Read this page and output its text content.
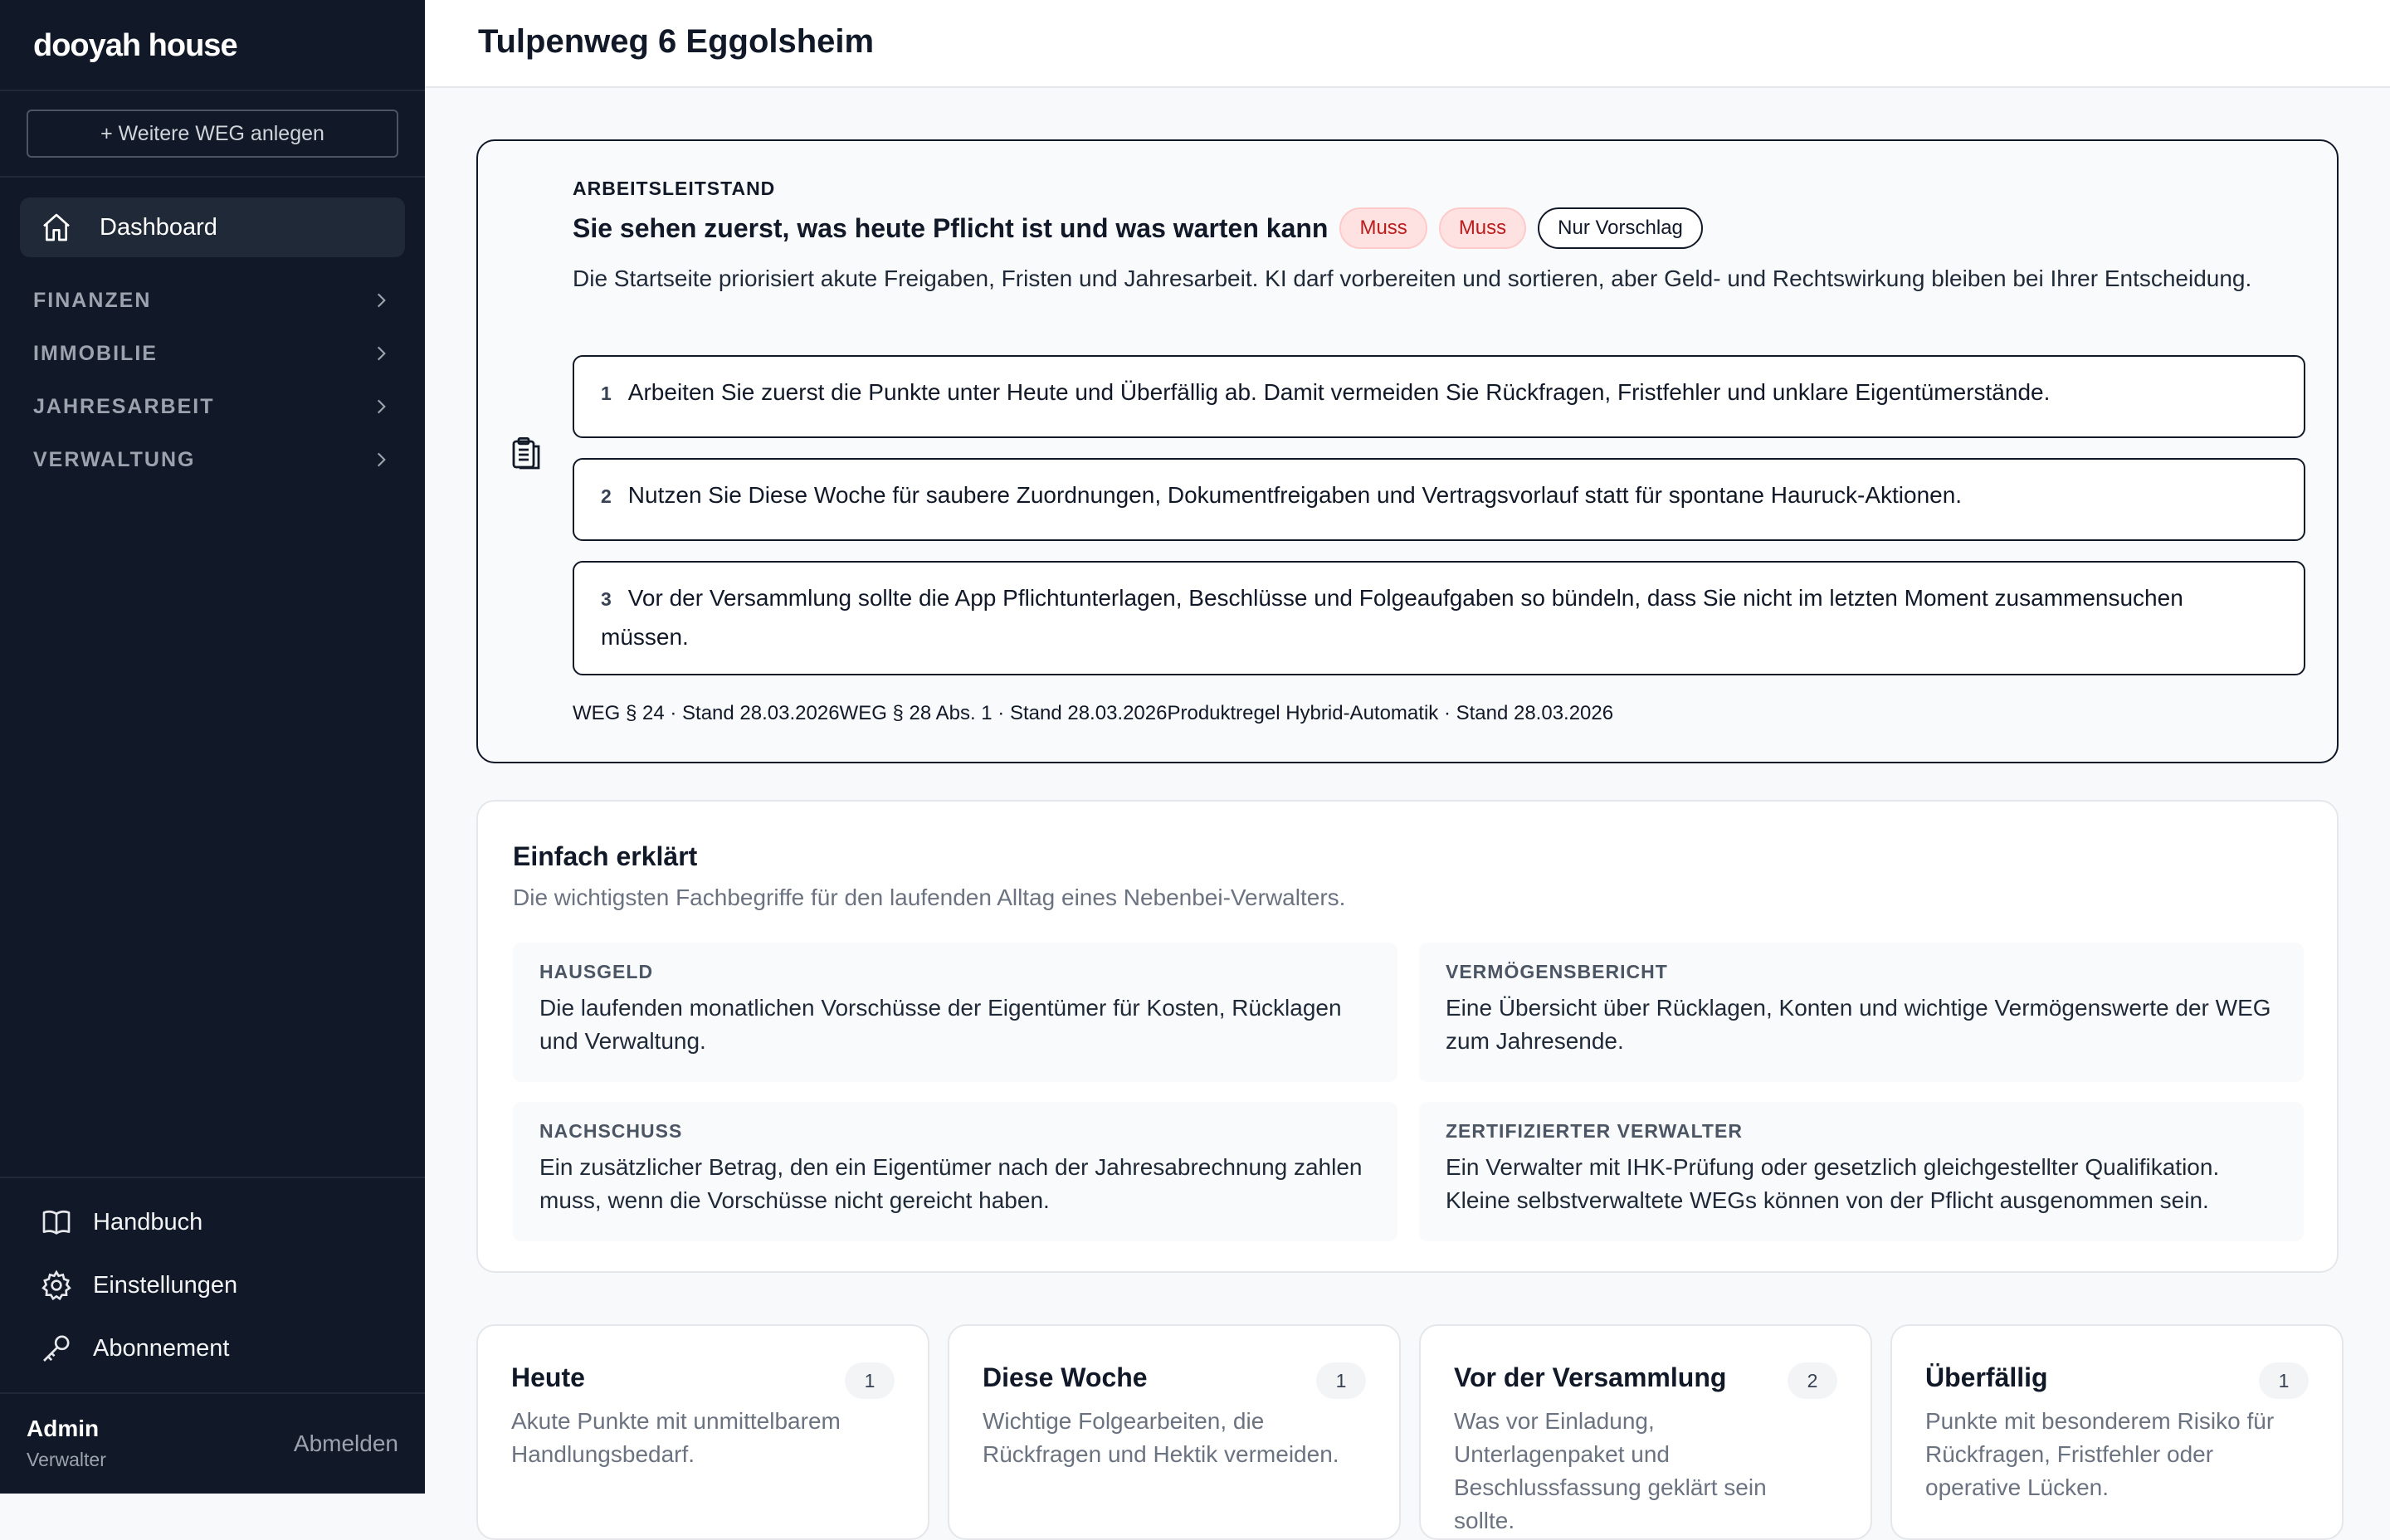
dooyah house
+ Weitere WEG anlegen
Dashboard
FINANZEN
IMMOBILIE
JAHRESARBEIT
VERWALTUNG
Handbuch
Einstellungen
Abonnement
Admin
Verwalter
Abmelden
Tulpenweg 6 Eggolsheim
ARBEITSLEITSTAND
Sie sehen zuerst, was heute Pflicht ist und was warten kann	Muss	Muss	Nur Vorschlag

Die Startseite priorisiert akute Freigaben, Fristen und Jahresarbeit. KI darf vorbereiten und sortieren, aber Geld- und Rechtswirkung bleiben bei Ihrer Entscheidung.

1 Arbeiten Sie zuerst die Punkte unter Heute und Überfällig ab. Damit vermeiden Sie Rückfragen, Fristfehler und unklare Eigentümerstände.
2 Nutzen Sie Diese Woche für saubere Zuordnungen, Dokumentfreigaben und Vertragsvorlauf statt für spontane Hauruck-Aktionen.
3 Vor der Versammlung sollte die App Pflichtunterlagen, Beschlüsse und Folgeaufgaben so bündeln, dass Sie nicht im letzten Moment zusammensuchen müssen.
WEG § 24 · Stand 28.03.2026 WEG § 28 Abs. 1 · Stand 28.03.2026 Produktregel Hybrid-Automatik · Stand 28.03.2026
Einfach erklärt

Die wichtigsten Fachbegriffe für den laufenden Alltag eines Nebenbei-Verwalters.

HAUSGELD
Die laufenden monatlichen Vorschüsse der Eigentümer für Kosten, Rücklagen und Verwaltung.
VERMÖGENSBERICHT
Eine Übersicht über Rücklagen, Konten und wichtige Vermögenswerte der WEG zum Jahresende.
NACHSCHUSS
Ein zusätzlicher Betrag, den ein Eigentümer nach der Jahresabrechnung zahlen muss, wenn die Vorschüsse nicht gereicht haben.
ZERTIFIZIERTER VERWALTER
Ein Verwalter mit IHK-Prüfung oder gesetzlich gleichgestellter Qualifikation. Kleine selbstverwaltete WEGs können von der Pflicht ausgenommen sein.
Heute	1
Akute Punkte mit unmittelbarem Handlungsbedarf.
Diese Woche	1
Wichtige Folgearbeiten, die Rückfragen und Hektik vermeiden.
Vor der Versammlung	2
Was vor Einladung, Unterlagenpaket und Beschlussfassung geklärt sein sollte.
Überfällig	1
Punkte mit besonderem Risiko für Rückfragen, Fristfehler oder operative Lücken.
